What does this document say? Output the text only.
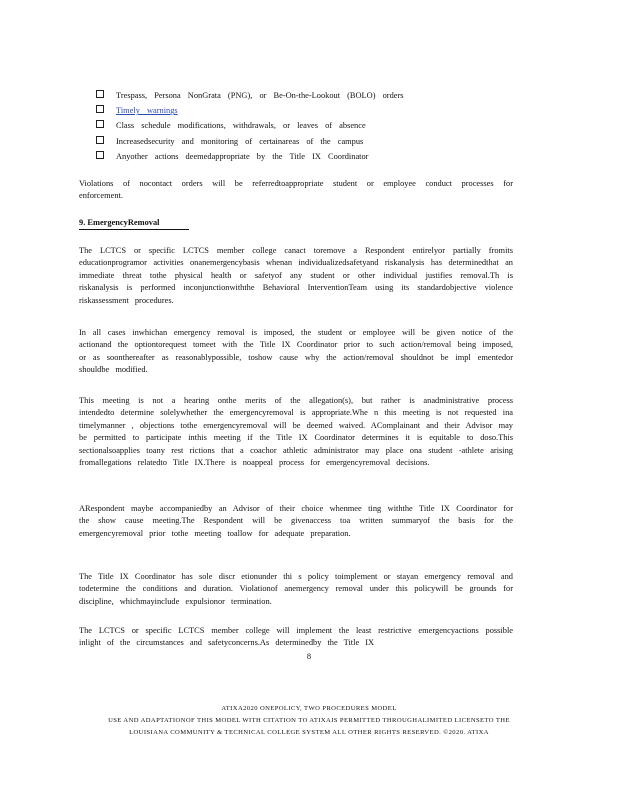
Trespass, Persona NonGrata (PNG), or Be-On-the-Lookout (BOLO) orders
Timely warnings
Class schedule modifications, withdrawals, or leaves of absence
Increasedsecurity and monitoring of certainareas of the campus
Anyother actions deemedappropriate by the Title IX Coordinator
Violations of nocontact orders will be referredtoappropriate student or employee conduct processes for enforcement.
9. EmergencyRemoval
The LCTCS or specific LCTCS member college canact toremove a Respondent entirelyor partially fromits educationprogramor activities onanemergencybasis whenan individualizedsafetyand riskanalysis has determinedthat an immediate threat tothe physical health or safetyof any student or other individual justifies removal.Th is riskanalysis is performed inconjunctionwiththe Behavioral InterventionTeam using its standardobjective violence riskassessment procedures.
In all cases inwhichan emergency removal is imposed, the student or employee will be given notice of the actionand the optiontorequest tomeet with the Title IX Coordinator prior to such action/removal being imposed, or as soonthereafter as reasonablypossible, toshow cause why the action/removal shouldnot be impl ementedor shouldbe modified.
This meeting is not a hearing onthe merits of the allegation(s), but rather is anadministrative process intendedto determine solelywhether the emergencyremoval is appropriate.Whe n this meeting is not requested ina timelymanner , objections tothe emergencyremoval will be deemed waived. AComplainant and their Advisor may be permitted to participate inthis meeting if the Title IX Coordinator determines it is equitable to doso.This sectionalsoapplies toany rest rictions that a coachor athletic administrator may place ona student -athlete arising fromallegations relatedto Title IX.There is noappeal process for emergencyremoval decisions.
ARespondent maybe accompaniedby an Advisor of their choice whenmee ting withthe Title IX Coordinator for the show cause meeting.The Respondent will be givenaccess toa written summaryof the basis for the emergencyremoval prior tothe meeting toallow for adequate preparation.
The Title IX Coordinator has sole discr etionunder thi s policy toimplement or stayan emergency removal and todetermine the conditions and duration. Violationof anemergency removal under this policywill be grounds for discipline, whichmayinclude expulsionor termination.
The LCTCS or specific LCTCS member college will implement the least restrictive emergencyactions possible inlight of the circumstances and safetyconcerns.As determinedby the Title IX
8
ATIXA2020 ONEPOLICY, TWO PROCEDURES MODEL
USE AND ADAPTATIONOF THIS MODEL WITH CITATION TO ATIXAIS PERMITTED THROUGHALIMITED LICENSETO THE
LOUISIANA COMMUNITY & TECHNICAL COLLEGE SYSTEM ALL OTHER RIGHTS RESERVED. ©2020. ATIXA
